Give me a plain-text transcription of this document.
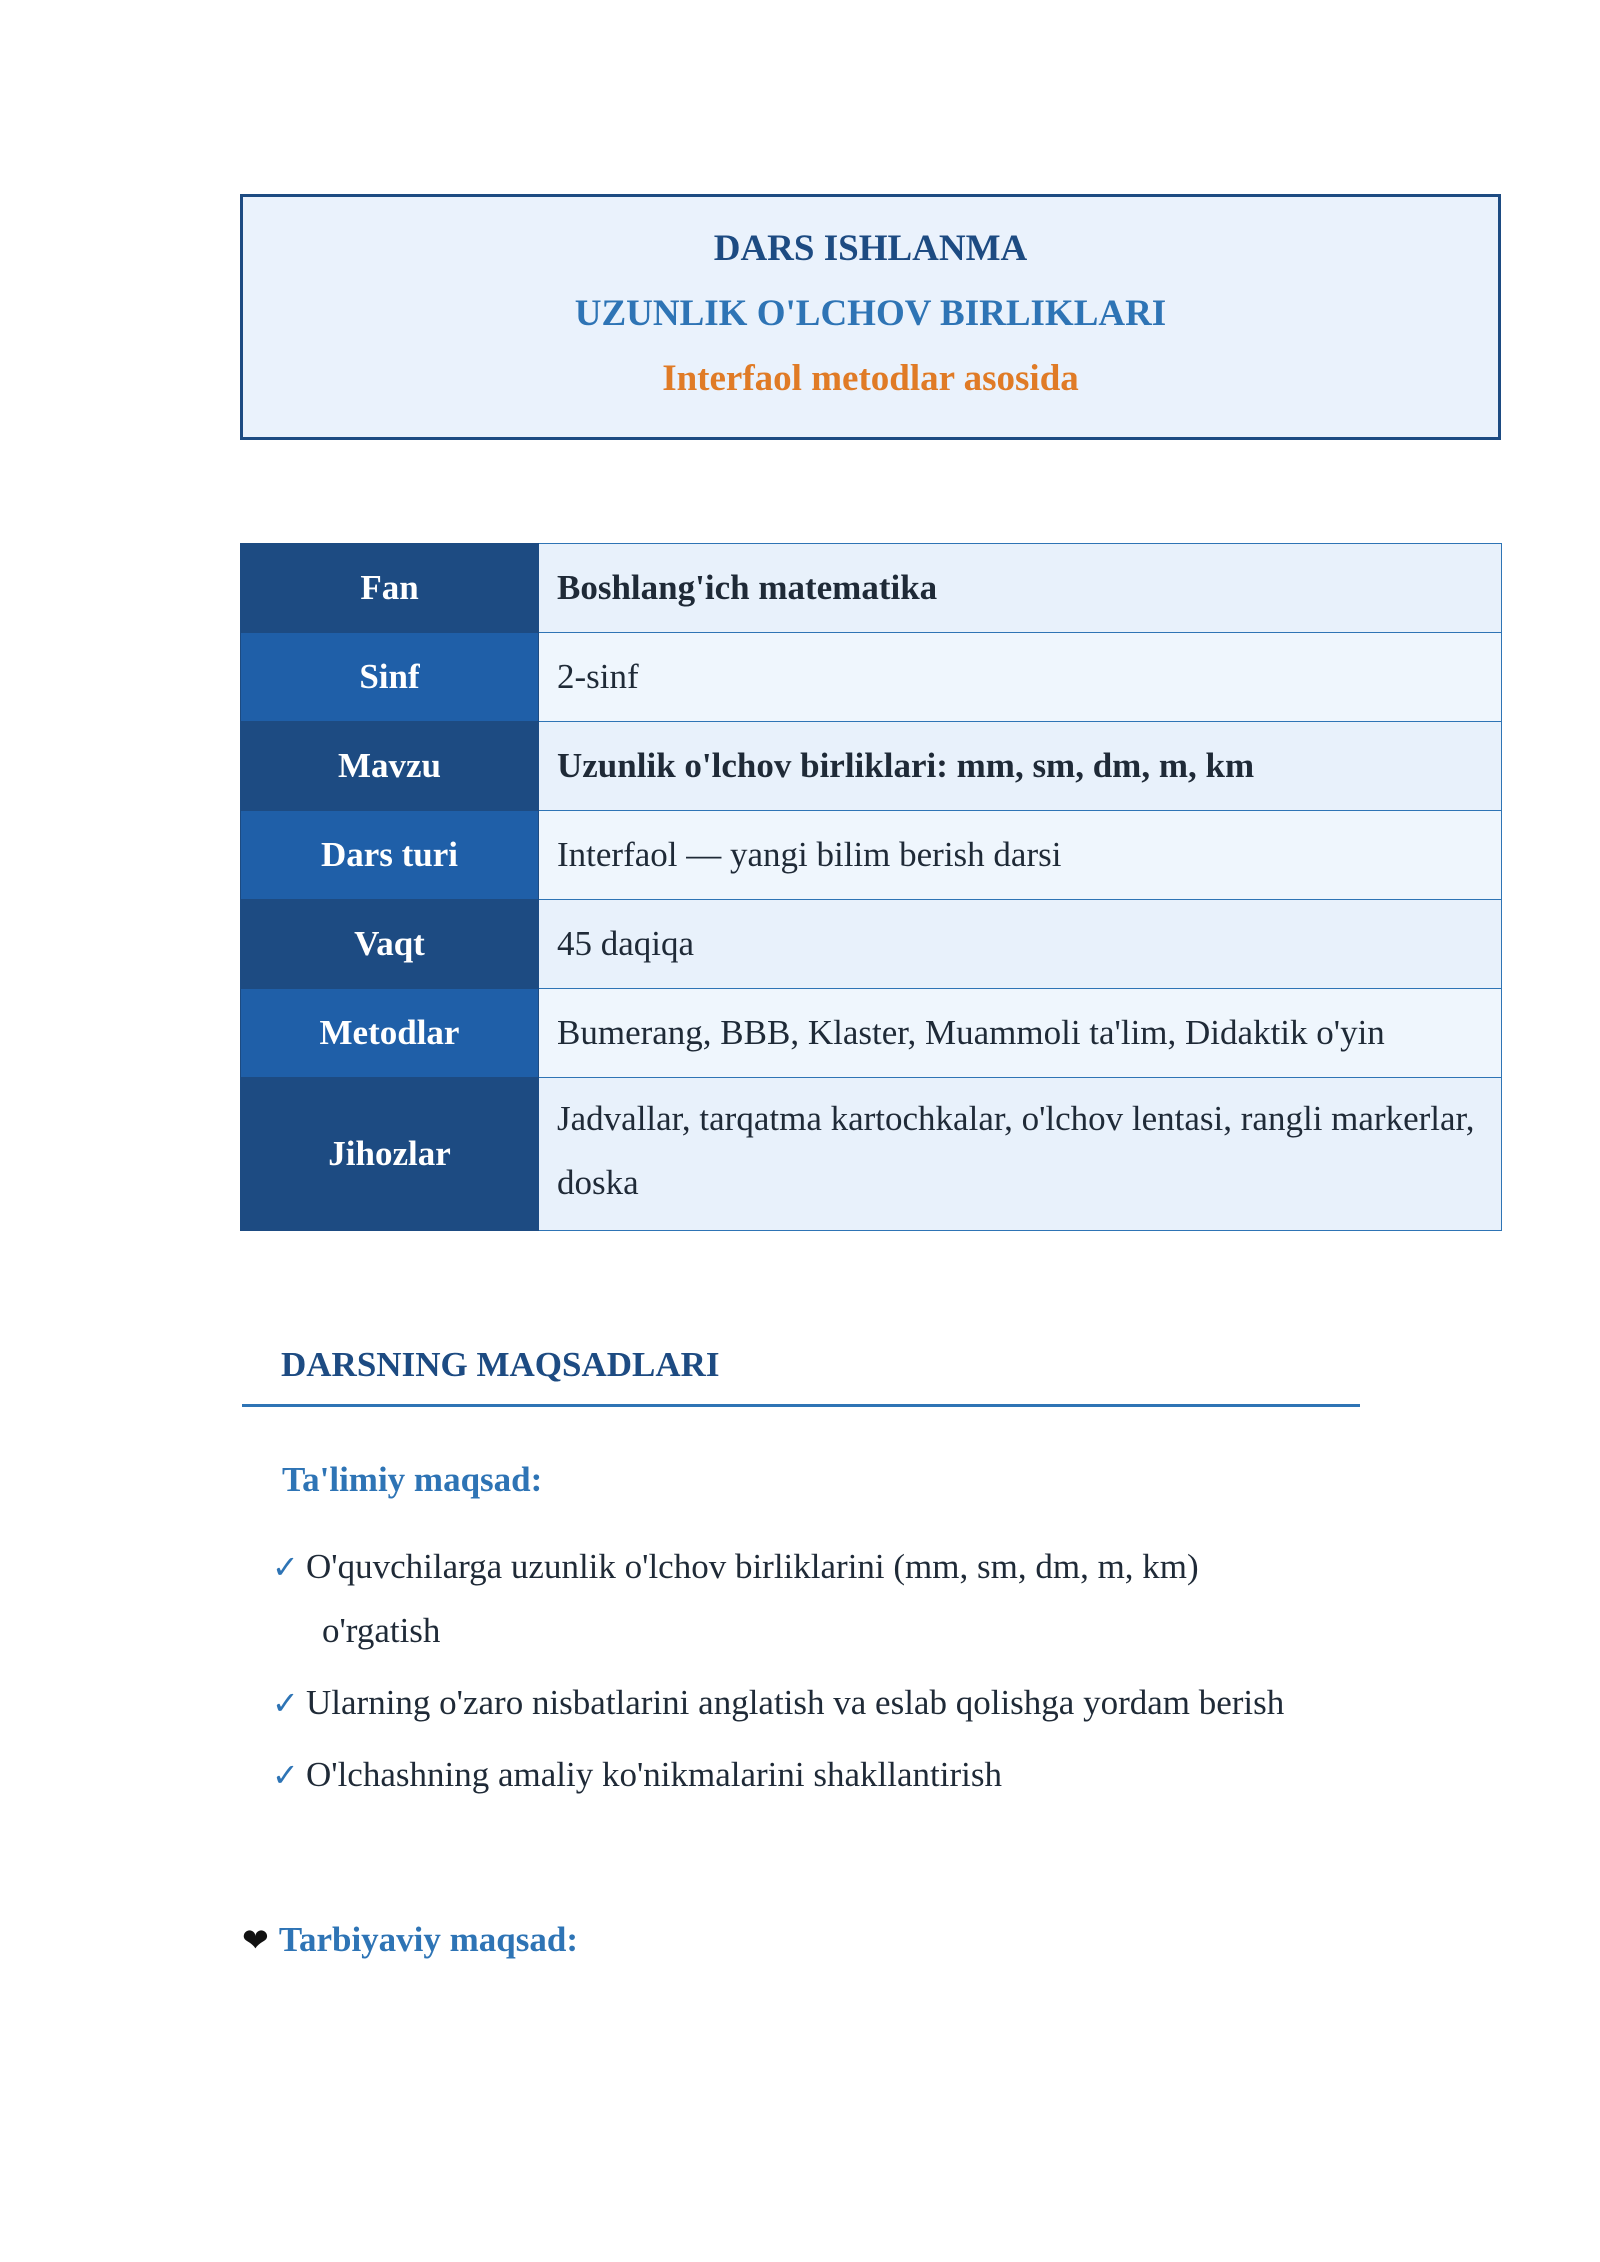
DARS ISHLANMA
UZUNLIK O'LCHOV BIRLIKLARI
Interfaol metodlar asosida
Fan	Boshlang'ich matematika
Sinf	2-sinf
Mavzu	Uzunlik o'lchov birliklari: mm, sm, dm, m, km
Dars turi	Interfaol — yangi bilim berish darsi
Vaqt	45 daqiqa
Metodlar	Bumerang, BBB, Klaster, Muammoli ta'lim, Didaktik o'yin
Jihozlar	Jadvallar, tarqatma kartochkalar, o'lchov lentasi, rangli markerlar, doska
DARSNING MAQSADLARI
Ta'limiy maqsad:
✓ O'quvchilarga uzunlik o'lchov birliklarini (mm, sm, dm, m, km)
o'rgatish
✓ Ularning o'zaro nisbatlarini anglatish va eslab qolishga yordam berish
✓ O'lchashning amaliy ko'nikmalarini shakllantirish
❤ Tarbiyaviy maqsad:
